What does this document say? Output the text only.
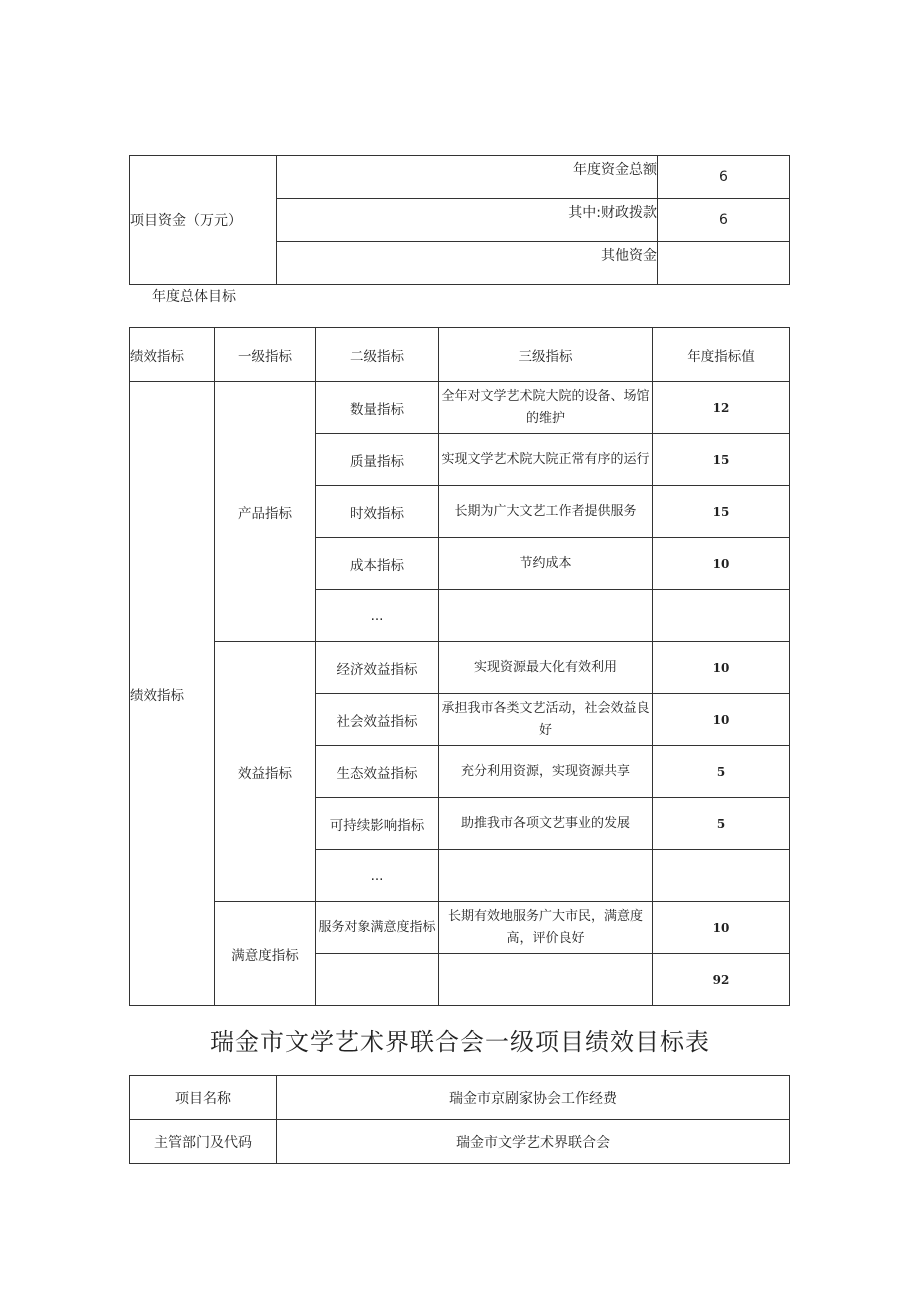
项目资金（万元）	年度资金总额	6
	其中:财政拨款	6
	其他资金	
年度总体目标
绩效指标	一级指标	二级指标	三级指标	年度指标值
绩效指标	产品指标	数量指标	全年对文学艺术院大院的设备、场馆的维护	12
		质量指标	实现文学艺术院大院正常有序的运行	15
		时效指标	长期为广大文艺工作者提供服务	15
		成本指标	节约成本	10
		...		
	效益指标	经济效益指标	实现资源最大化有效利用	10
		社会效益指标	承担我市各类文艺活动，社会效益良好	10
		生态效益指标	充分利用资源，实现资源共享	5
		可持续影响指标	助推我市各项文艺事业的发展	5
		...		
	满意度指标	服务对象满意度指标	长期有效地服务广大市民，满意度高，评价良好	10
				92
瑞金市文学艺术界联合会一级项目绩效目标表
项目名称	瑞金市京剧家协会工作经费
主管部门及代码	瑞金市文学艺术界联合会
